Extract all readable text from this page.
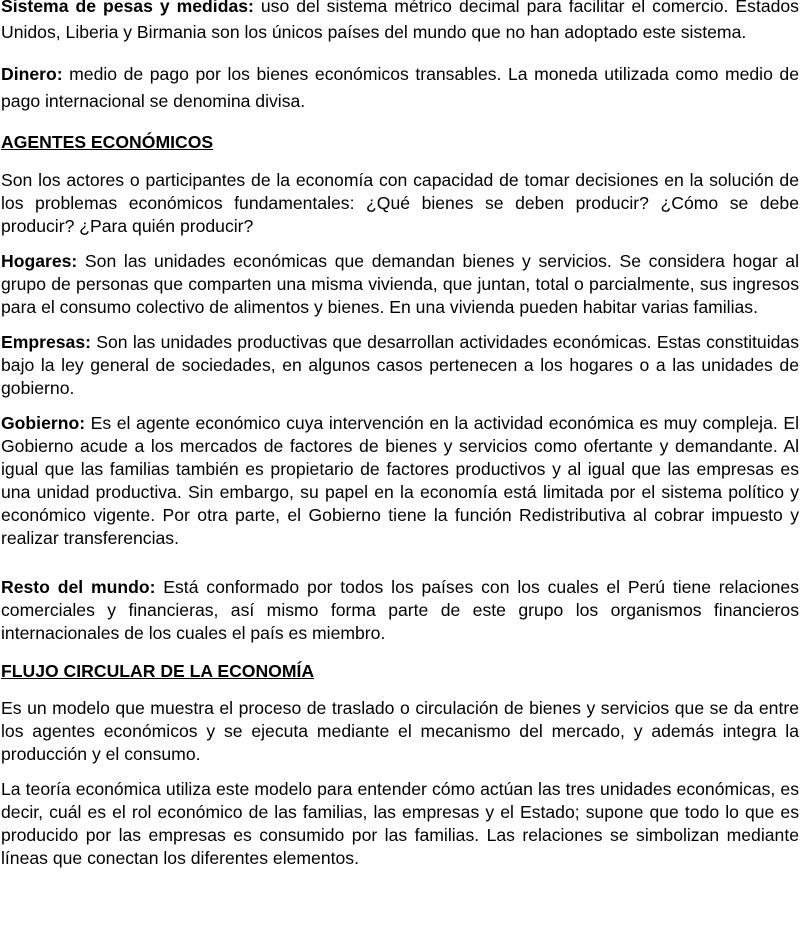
Sistema de pesas y medidas: uso del sistema métrico decimal para facilitar el comercio. Estados Unidos, Liberia y Birmania son los únicos países del mundo que no han adoptado este sistema.

Dinero: medio de pago por los bienes económicos transables. La moneda utilizada como medio de pago internacional se denomina divisa.

AGENTES ECONÓMICOS

Son los actores o participantes de la economía con capacidad de tomar decisiones en la solución de los problemas económicos fundamentales: ¿Qué bienes se deben producir? ¿Cómo se debe producir? ¿Para quién producir?

Hogares: Son las unidades económicas que demandan bienes y servicios. Se considera hogar al grupo de personas que comparten una misma vivienda, que juntan, total o parcialmente, sus ingresos para el consumo colectivo de alimentos y bienes. En una vivienda pueden habitar varias familias.

Empresas: Son las unidades productivas que desarrollan actividades económicas. Estas constituidas bajo la ley general de sociedades, en algunos casos pertenecen a los hogares o a las unidades de gobierno.

Gobierno: Es el agente económico cuya intervención en la actividad económica es muy compleja. El Gobierno acude a los mercados de factores de bienes y servicios como ofertante y demandante. Al igual que las familias también es propietario de factores productivos y al igual que las empresas es una unidad productiva. Sin embargo, su papel en la economía está limitada por el sistema político y económico vigente. Por otra parte, el Gobierno tiene la función Redistributiva al cobrar impuesto y realizar transferencias.

Resto del mundo: Está conformado por todos los países con los cuales el Perú tiene relaciones comerciales y financieras, así mismo forma parte de este grupo los organismos financieros internacionales de los cuales el país es miembro.

FLUJO CIRCULAR DE LA ECONOMÍA

Es un modelo que muestra el proceso de traslado o circulación de bienes y servicios que se da entre los agentes económicos y se ejecuta mediante el mecanismo del mercado, y además integra la producción y el consumo.

La teoría económica utiliza este modelo para entender cómo actúan las tres unidades económicas, es decir, cuál es el rol económico de las familias, las empresas y el Estado; supone que todo lo que es producido por las empresas es consumido por las familias. Las relaciones se simbolizan mediante líneas que conectan los diferentes elementos.
